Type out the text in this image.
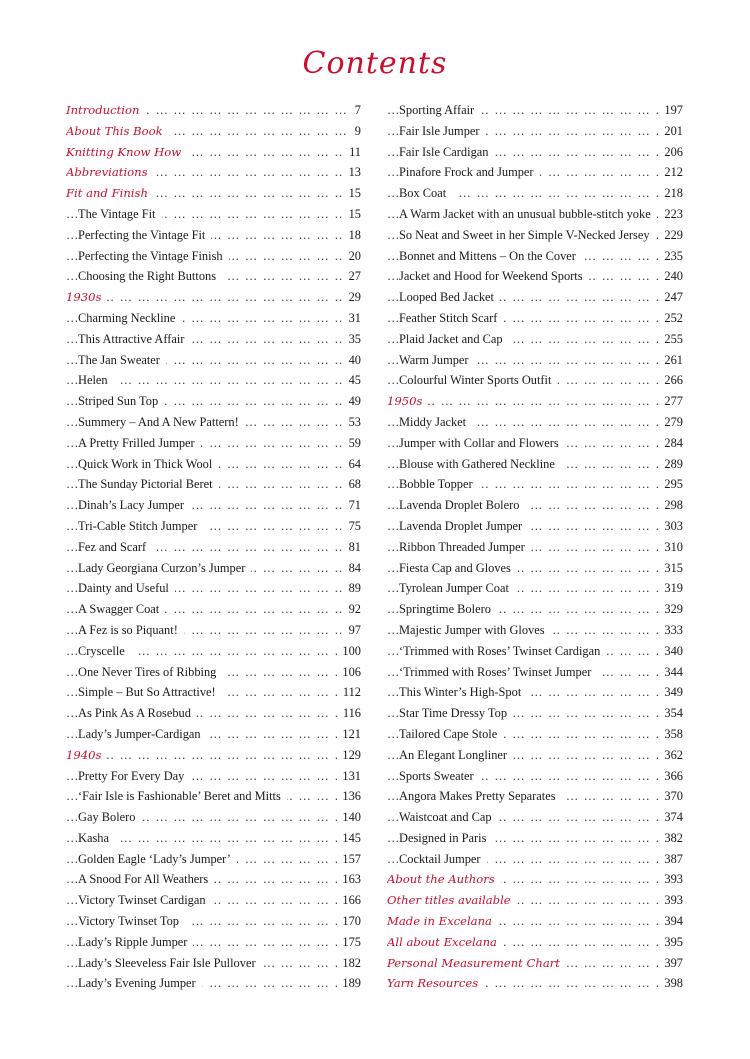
Contents
… … … … … … … … … … … … … … … … … … … … … … … … … … … … … … … …
Introduction	7
… … … … … … … … … … … … … … … … … … … … … … … … … … … … … … … …
About This Book	9
… … … … … … … … … … … … … … … … … … … … … … … … … … … … … … … …
Knitting Know How	11
… … … … … … … … … … … … … … … … … … … … … … … … … … … … … … … …
Abbreviations	13
… … … … … … … … … … … … … … … … … … … … … … … … … … … … … … … …
Fit and Finish	15
… … … … … … … … … … … … … … … … … … … … … … … … … … … … … … … …
The Vintage Fit	15
… … … … … … … … … … … … … … … … … … … … … … … … … … … … … … … …
Perfecting the Vintage Fit	18
… … … … … … … … … … … … … … … … … … … … … … … … … … … … … … … …
Perfecting the Vintage Finish	20
… … … … … … … … … … … … … … … … … … … … … … … … … … … … … … … …
Choosing the Right Buttons	27
… … … … … … … … … … … … … … … … … … … … … … … … … … … … … … … …
1930s	29
… … … … … … … … … … … … … … … … … … … … … … … … … … … … … … … …
Charming Neckline	31
… … … … … … … … … … … … … … … … … … … … … … … … … … … … … … … …
This Attractive Affair	35
… … … … … … … … … … … … … … … … … … … … … … … … … … … … … … … …
The Jan Sweater	40
… … … … … … … … … … … … … … … … … … … … … … … … … … … … … … … …
Helen	45
… … … … … … … … … … … … … … … … … … … … … … … … … … … … … … … …
Striped Sun Top	49
… … … … … … … … … … … … … … … … … … … … … … … … … … … … … … … …
Summery – And A New Pattern!	53
… … … … … … … … … … … … … … … … … … … … … … … … … … … … … … … …
A Pretty Frilled Jumper	59
… … … … … … … … … … … … … … … … … … … … … … … … … … … … … … … …
Quick Work in Thick Wool	64
… … … … … … … … … … … … … … … … … … … … … … … … … … … … … … … …
The Sunday Pictorial Beret	68
… … … … … … … … … … … … … … … … … … … … … … … … … … … … … … … …
Dinah’s Lacy Jumper	71
… … … … … … … … … … … … … … … … … … … … … … … … … … … … … … … …
Tri-Cable Stitch Jumper	75
… … … … … … … … … … … … … … … … … … … … … … … … … … … … … … … …
Fez and Scarf	81
… … … … … … … … … … … … … … … … … … … … … … … … … … … … … … … …
Lady Georgiana Curzon’s Jumper	84
… … … … … … … … … … … … … … … … … … … … … … … … … … … … … … … …
Dainty and Useful	89
… … … … … … … … … … … … … … … … … … … … … … … … … … … … … … … …
A Swagger Coat	92
… … … … … … … … … … … … … … … … … … … … … … … … … … … … … … … …
A Fez is so Piquant!	97
… … … … … … … … … … … … … … … … … … … … … … … … … … … … … … … …
Cryscelle	100
… … … … … … … … … … … … … … … … … … … … … … … … … … … … … … … …
One Never Tires of Ribbing	106
… … … … … … … … … … … … … … … … … … … … … … … … … … … … … … … …
Simple – But So Attractive!	112
… … … … … … … … … … … … … … … … … … … … … … … … … … … … … … … …
As Pink As A Rosebud	116
… … … … … … … … … … … … … … … … … … … … … … … … … … … … … … … …
Lady’s Jumper-Cardigan	121
… … … … … … … … … … … … … … … … … … … … … … … … … … … … … … … …
1940s	129
… … … … … … … … … … … … … … … … … … … … … … … … … … … … … … … …
Pretty For Every Day	131
… … … … … … … … … … … … … … … … … … … … … … … … … … … … … … … …
‘Fair Isle is Fashionable’ Beret and Mitts	136
… … … … … … … … … … … … … … … … … … … … … … … … … … … … … … … …
Gay Bolero	140
… … … … … … … … … … … … … … … … … … … … … … … … … … … … … … … …
Kasha	145
… … … … … … … … … … … … … … … … … … … … … … … … … … … … … … … …
Golden Eagle ‘Lady’s Jumper’	157
… … … … … … … … … … … … … … … … … … … … … … … … … … … … … … … …
A Snood For All Weathers	163
… … … … … … … … … … … … … … … … … … … … … … … … … … … … … … … …
Victory Twinset Cardigan	166
… … … … … … … … … … … … … … … … … … … … … … … … … … … … … … … …
Victory Twinset Top	170
… … … … … … … … … … … … … … … … … … … … … … … … … … … … … … … …
Lady’s Ripple Jumper	175
… … … … … … … … … … … … … … … … … … … … … … … … … … … … … … … …
Lady’s Sleeveless Fair Isle Pullover	182
… … … … … … … … … … … … … … … … … … … … … … … … … … … … … … … …
Lady’s Evening Jumper	189
… … … … … … … … … … … … … … … … … … … … … … … … … … … … … … … …
Sporting Affair	197
… … … … … … … … … … … … … … … … … … … … … … … … … … … … … … … …
Fair Isle Jumper	201
… … … … … … … … … … … … … … … … … … … … … … … … … … … … … … … …
Fair Isle Cardigan	206
… … … … … … … … … … … … … … … … … … … … … … … … … … … … … … … …
Pinafore Frock and Jumper	212
… … … … … … … … … … … … … … … … … … … … … … … … … … … … … … … …
Box Coat	218
… … … … … … … … … … … … … … … … … … … … … … … … … … … … … … … …
A Warm Jacket with an unusual bubble-stitch yoke	223
… … … … … … … … … … … … … … … … … … … … … … … … … … … … … … … …
So Neat and Sweet in her Simple V-Necked Jersey	229
… … … … … … … … … … … … … … … … … … … … … … … … … … … … … … … …
Bonnet and Mittens – On the Cover	235
… … … … … … … … … … … … … … … … … … … … … … … … … … … … … … … …
Jacket and Hood for Weekend Sports	240
… … … … … … … … … … … … … … … … … … … … … … … … … … … … … … … …
Looped Bed Jacket	247
… … … … … … … … … … … … … … … … … … … … … … … … … … … … … … … …
Feather Stitch Scarf	252
… … … … … … … … … … … … … … … … … … … … … … … … … … … … … … … …
Plaid Jacket and Cap	255
… … … … … … … … … … … … … … … … … … … … … … … … … … … … … … … …
Warm Jumper	261
… … … … … … … … … … … … … … … … … … … … … … … … … … … … … … … …
Colourful Winter Sports Outfit	266
… … … … … … … … … … … … … … … … … … … … … … … … … … … … … … … …
1950s	277
… … … … … … … … … … … … … … … … … … … … … … … … … … … … … … … …
Middy Jacket	279
… … … … … … … … … … … … … … … … … … … … … … … … … … … … … … … …
Jumper with Collar and Flowers	284
… … … … … … … … … … … … … … … … … … … … … … … … … … … … … … … …
Blouse with Gathered Neckline	289
… … … … … … … … … … … … … … … … … … … … … … … … … … … … … … … …
Bobble Topper	295
… … … … … … … … … … … … … … … … … … … … … … … … … … … … … … … …
Lavenda Droplet Bolero	298
… … … … … … … … … … … … … … … … … … … … … … … … … … … … … … … …
Lavenda Droplet Jumper	303
… … … … … … … … … … … … … … … … … … … … … … … … … … … … … … … …
Ribbon Threaded Jumper	310
… … … … … … … … … … … … … … … … … … … … … … … … … … … … … … … …
Fiesta Cap and Gloves	315
… … … … … … … … … … … … … … … … … … … … … … … … … … … … … … … …
Tyrolean Jumper Coat	319
… … … … … … … … … … … … … … … … … … … … … … … … … … … … … … … …
Springtime Bolero	329
… … … … … … … … … … … … … … … … … … … … … … … … … … … … … … … …
Majestic Jumper with Gloves	333
… … … … … … … … … … … … … … … … … … … … … … … … … … … … … … … …
‘Trimmed with Roses’ Twinset Cardigan	340
… … … … … … … … … … … … … … … … … … … … … … … … … … … … … … … …
‘Trimmed with Roses’ Twinset Jumper	344
… … … … … … … … … … … … … … … … … … … … … … … … … … … … … … … …
This Winter’s High-Spot	349
… … … … … … … … … … … … … … … … … … … … … … … … … … … … … … … …
Star Time Dressy Top	354
… … … … … … … … … … … … … … … … … … … … … … … … … … … … … … … …
Tailored Cape Stole	358
… … … … … … … … … … … … … … … … … … … … … … … … … … … … … … … …
An Elegant Longliner	362
… … … … … … … … … … … … … … … … … … … … … … … … … … … … … … … …
Sports Sweater	366
… … … … … … … … … … … … … … … … … … … … … … … … … … … … … … … …
Angora Makes Pretty Separates	370
… … … … … … … … … … … … … … … … … … … … … … … … … … … … … … … …
Waistcoat and Cap	374
… … … … … … … … … … … … … … … … … … … … … … … … … … … … … … … …
Designed in Paris	382
… … … … … … … … … … … … … … … … … … … … … … … … … … … … … … … …
Cocktail Jumper	387
… … … … … … … … … … … … … … … … … … … … … … … … … … … … … … … …
About the Authors	393
… … … … … … … … … … … … … … … … … … … … … … … … … … … … … … … …
Other titles available	393
… … … … … … … … … … … … … … … … … … … … … … … … … … … … … … … …
Made in Excelana	394
… … … … … … … … … … … … … … … … … … … … … … … … … … … … … … … …
All about Excelana	395
… … … … … … … … … … … … … … … … … … … … … … … … … … … … … … … …
Personal Measurement Chart	397
… … … … … … … … … … … … … … … … … … … … … … … … … … … … … … … …
Yarn Resources	398
